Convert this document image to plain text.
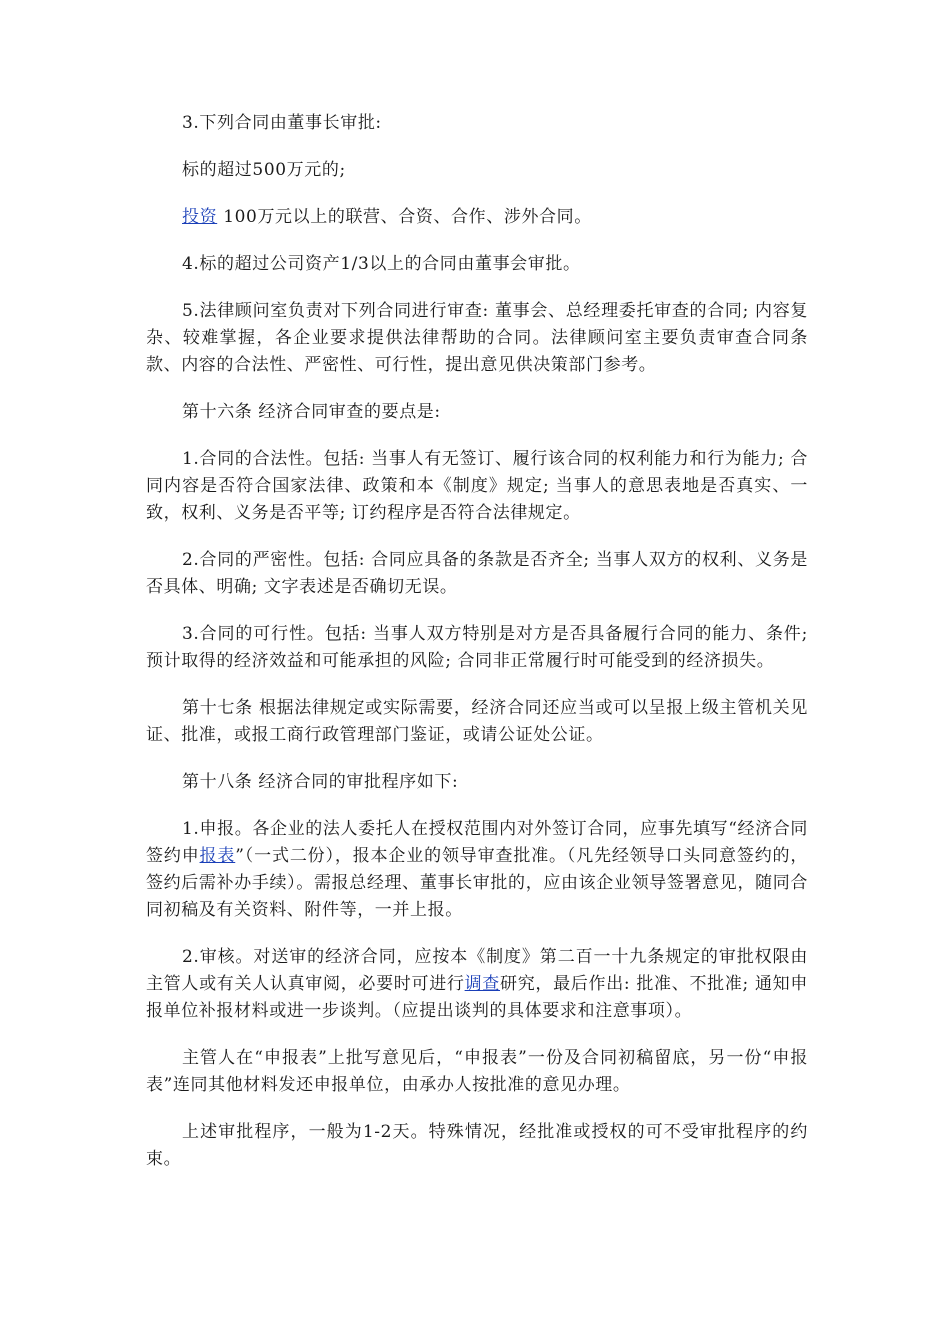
3.下列合同由董事长审批:

标的超过500万元的;

投资 100万元以上的联营、合资、合作、涉外合同。

4.标的超过公司资产1/3以上的合同由董事会审批。

5.法律顾问室负责对下列合同进行审查: 董事会、总经理委托审查的合同; 内容复杂、较难掌握，各企业要求提供法律帮助的合同。法律顾问室主要负责审查合同条款、内容的合法性、严密性、可行性，提出意见供决策部门参考。

第十六条 经济合同审查的要点是:

1.合同的合法性。包括: 当事人有无签订、履行该合同的权利能力和行为能力; 合同内容是否符合国家法律、政策和本《制度》规定; 当事人的意思表地是否真实、一致，权利、义务是否平等; 订约程序是否符合法律规定。

2.合同的严密性。包括: 合同应具备的条款是否齐全; 当事人双方的权利、义务是否具体、明确; 文字表述是否确切无误。

3.合同的可行性。包括: 当事人双方特别是对方是否具备履行合同的能力、条件; 预计取得的经济效益和可能承担的风险; 合同非正常履行时可能受到的经济损失。

第十七条 根据法律规定或实际需要，经济合同还应当或可以呈报上级主管机关见证、批准，或报工商行政管理部门鉴证，或请公证处公证。

第十八条 经济合同的审批程序如下:

1.申报。各企业的法人委托人在授权范围内对外签订合同，应事先填写“经济合同签约申报表”（一式二份），报本企业的领导审查批准。（凡先经领导口头同意签约的，签约后需补办手续）。需报总经理、董事长审批的，应由该企业领导签署意见，随同合同初稿及有关资料、附件等，一并上报。

2.审核。对送审的经济合同，应按本《制度》第二百一十九条规定的审批权限由主管人或有关人认真审阅，必要时可进行调查研究，最后作出: 批准、不批准; 通知申报单位补报材料或进一步谈判。（应提出谈判的具体要求和注意事项）。

主管人在“申报表”上批写意见后，“申报表”一份及合同初稿留底，另一份“申报表”连同其他材料发还申报单位，由承办人按批准的意见办理。

上述审批程序，一般为1-2天。特殊情况，经批准或授权的可不受审批程序的约束。
